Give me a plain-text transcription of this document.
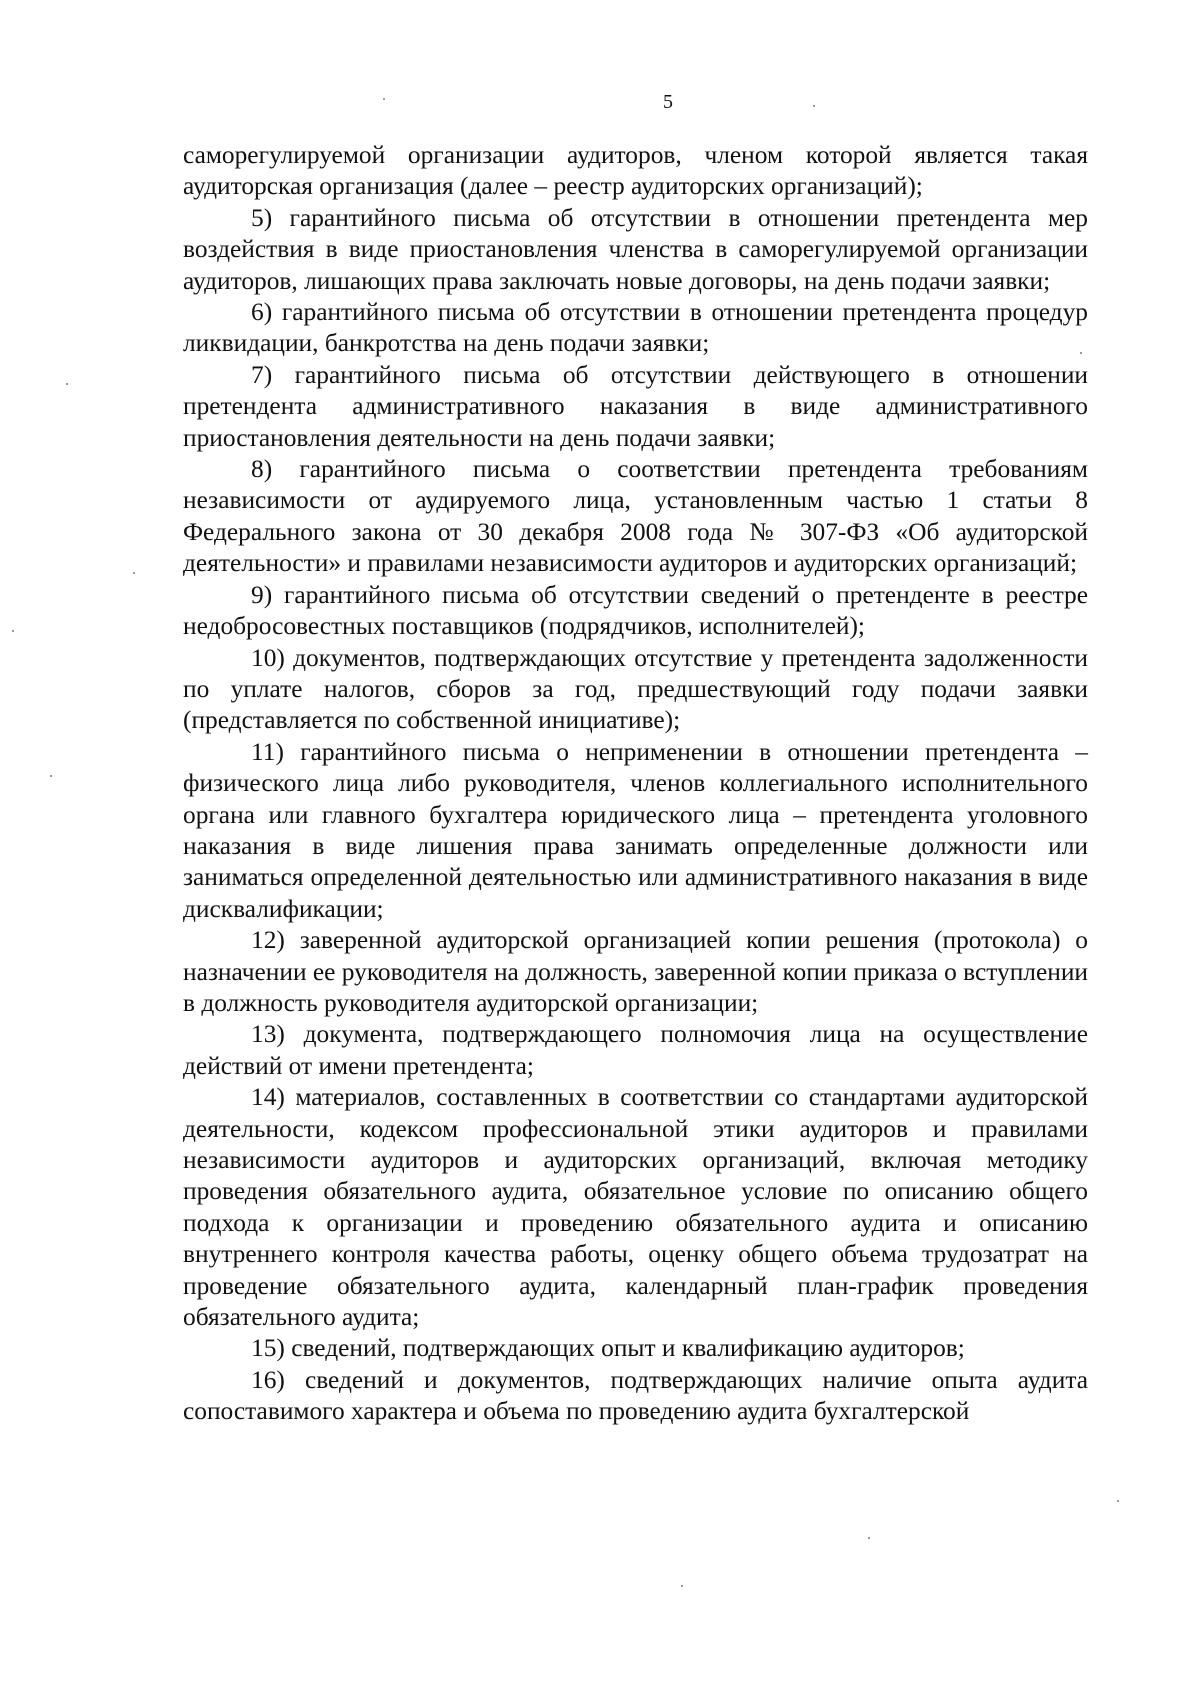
5

саморегулируемой организации аудиторов, членом которой является такая аудиторская организация (далее – реестр аудиторских организаций);

5) гарантийного письма об отсутствии в отношении претендента мер воздействия в виде приостановления членства в саморегулируемой организации аудиторов, лишающих права заключать новые договоры, на день подачи заявки;

6) гарантийного письма об отсутствии в отношении претендента процедур ликвидации, банкротства на день подачи заявки;

7) гарантийного письма об отсутствии действующего в отношении претендента административного наказания в виде административного приостановления деятельности на день подачи заявки;

8) гарантийного письма о соответствии претендента требованиям независимости от аудируемого лица, установленным частью 1 статьи 8 Федерального закона от 30 декабря 2008 года № 307-ФЗ «Об аудиторской деятельности» и правилами независимости аудиторов и аудиторских организаций;

9) гарантийного письма об отсутствии сведений о претенденте в реестре недобросовестных поставщиков (подрядчиков, исполнителей);

10) документов, подтверждающих отсутствие у претендента задолженности по уплате налогов, сборов за год, предшествующий году подачи заявки (представляется по собственной инициативе);

11) гарантийного письма о неприменении в отношении претендента – физического лица либо руководителя, членов коллегиального исполнительного органа или главного бухгалтера юридического лица – претендента уголовного наказания в виде лишения права занимать определенные должности или заниматься определенной деятельностью или административного наказания в виде дисквалификации;

12) заверенной аудиторской организацией копии решения (протокола) о назначении ее руководителя на должность, заверенной копии приказа о вступлении в должность руководителя аудиторской организации;

13) документа, подтверждающего полномочия лица на осуществление действий от имени претендента;

14) материалов, составленных в соответствии со стандартами аудиторской деятельности, кодексом профессиональной этики аудиторов и правилами независимости аудиторов и аудиторских организаций, включая методику проведения обязательного аудита, обязательное условие по описанию общего подхода к организации и проведению обязательного аудита и описанию внутреннего контроля качества работы, оценку общего объема трудозатрат на проведение обязательного аудита, календарный план-график проведения обязательного аудита;

15) сведений, подтверждающих опыт и квалификацию аудиторов;

16) сведений и документов, подтверждающих наличие опыта аудита сопоставимого характера и объема по проведению аудита бухгалтерской
